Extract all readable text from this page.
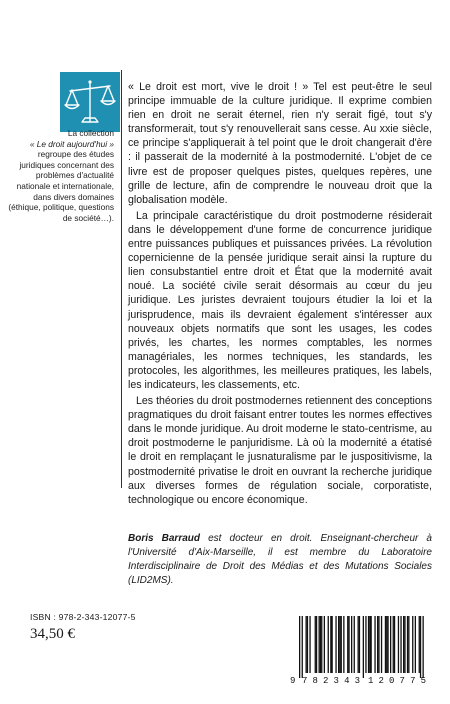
La collection
« Le droit aujourd'hui »
regroupe des études juridiques concernant des problèmes d'actualité nationale et internationale, dans divers domaines (éthique, politique, questions de société…).

« Le droit est mort, vive le droit ! » Tel est peut-être le seul principe immuable de la culture juridique. Il exprime combien rien en droit ne serait éternel, rien n'y serait figé, tout s'y transformerait, tout s'y renouvellerait sans cesse. Au xxie siècle, ce principe s'appliquerait à tel point que le droit changerait d'ère : il passerait de la modernité à la postmodernité. L'objet de ce livre est de proposer quelques pistes, quelques repères, une grille de lecture, afin de comprendre le nouveau droit que la globalisation modèle.

La principale caractéristique du droit postmoderne résiderait dans le développement d'une forme de concurrence juridique entre puissances publiques et puissances privées. La révolution copernicienne de la pensée juridique serait ainsi la rupture du lien consubstantiel entre droit et État que la modernité avait noué. La société civile serait désormais au cœur du jeu juridique. Les juristes devraient toujours étudier la loi et la jurisprudence, mais ils devraient également s'intéresser aux nouveaux objets normatifs que sont les usages, les codes privés, les chartes, les normes comptables, les normes managériales, les normes techniques, les standards, les protocoles, les algorithmes, les meilleures pratiques, les labels, les indicateurs, les classements, etc.

Les théories du droit postmodernes retiennent des conceptions pragmatiques du droit faisant entrer toutes les normes effectives dans le monde juridique. Au droit moderne le stato-centrisme, au droit postmoderne le panjuridisme. Là où la modernité a étatisé le droit en remplaçant le jusnaturalisme par le juspositivisme, la postmodernité privatise le droit en ouvrant la recherche juridique aux diverses formes de régulation sociale, corporatiste, technologique ou encore économique.

Boris Barraud est docteur en droit. Enseignant-chercheur à l'Université d'Aix-Marseille, il est membre du Laboratoire Interdisciplinaire de Droit des Médias et des Mutations Sociales (LID2MS).
ISBN : 978-2-343-12077-5
34,50 €
9 782343 120775
